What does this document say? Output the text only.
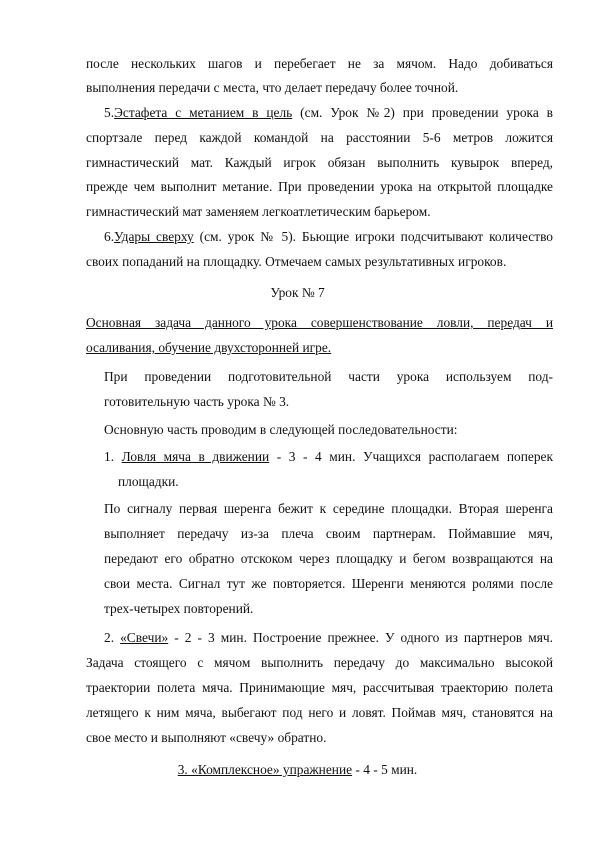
после нескольких шагов и перебегает не за мячом. Надо добиваться
выполнения передачи с места, что делает передачу более точной.
5.Эстафета с метанием в цель (см. Урок №2) при проведении урока в
спортзале перед каждой командой на расстоянии 5-6 метров ложится
гимнастический мат. Каждый игрок обязан выполнить кувырок вперед,
прежде чем выполнит метание. При проведении урока на открытой площадке
гимнастический мат заменяем легкоатлетическим барьером.
6.Удары сверху (см. урок № 5). Бьющие игроки подсчитывают количество
своих попаданий на площадку. Отмечаем самых результативных игроков.
Урок № 7
Основная задача данного урока совершенствование ловли, передач и
осаливания, обучение двухсторонней игре.
При проведении подготовительной части урока используем под-
готовительную часть урока № 3.
Основную часть проводим в следующей последовательности:
1. Ловля мяча в движении - 3 - 4 мин. Учащихся располагаем поперек
площадки.
По сигналу первая шеренга бежит к середине площадки. Вторая шеренга
выполняет передачу из-за плеча своим партнерам. Поймавшие мяч,
передают его обратно отскоком через площадку и бегом возвращаются на
свои места. Сигнал тут же повторяется. Шеренги меняются ролями после
трех-четырех повторений.
2. «Свечи» - 2 - 3 мин. Построение прежнее. У одного из партнеров мяч.
Задача стоящего с мячом выполнить передачу до максимально высокой
траектории полета мяча. Принимающие мяч, рассчитывая траекторию полета
летящего к ним мяча, выбегают под него и ловят. Поймав мяч, становятся на
свое место и выполняют «свечу» обратно.
3. «Комплексное» упражнение - 4 - 5 мин.
